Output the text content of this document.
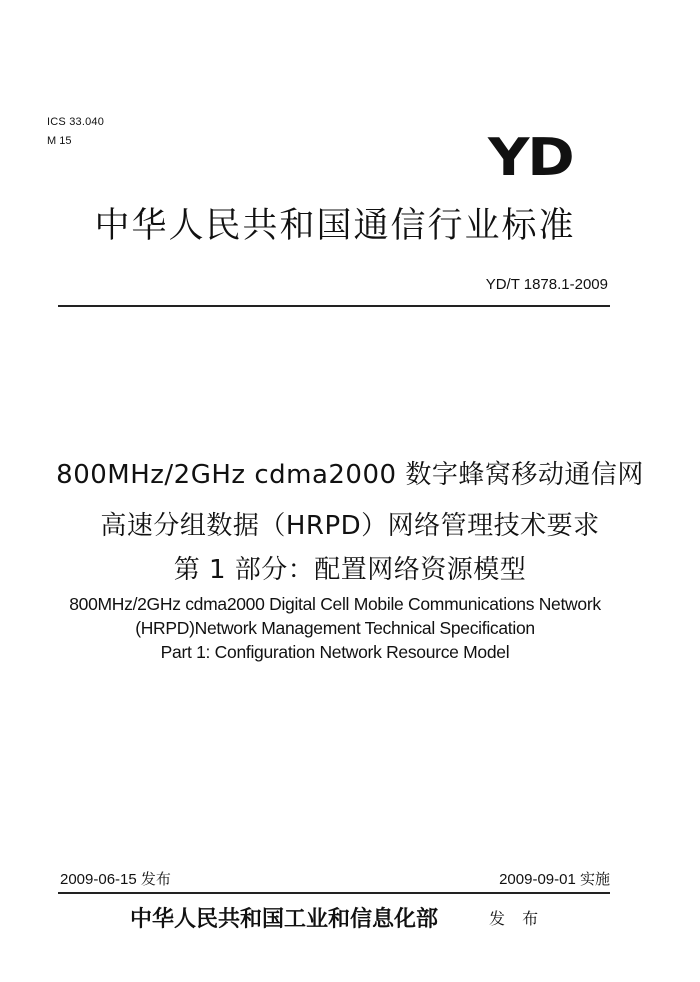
ICS 33.040
M 15	YD
中华人民共和国通信行业标准
YD/T 1878.1-2009
800MHz/2GHz cdma2000 数字蜂窝移动通信网
高速分组数据（HRPD）网络管理技术要求
第 1 部分：配置网络资源模型
800MHz/2GHz cdma2000 Digital Cell Mobile Communications Network
(HRPD)Network Management Technical Specification
Part 1: Configuration Network Resource Model
2009-06-15 发布	2009-09-01 实施
中华人民共和国工业和信息化部	发 布
